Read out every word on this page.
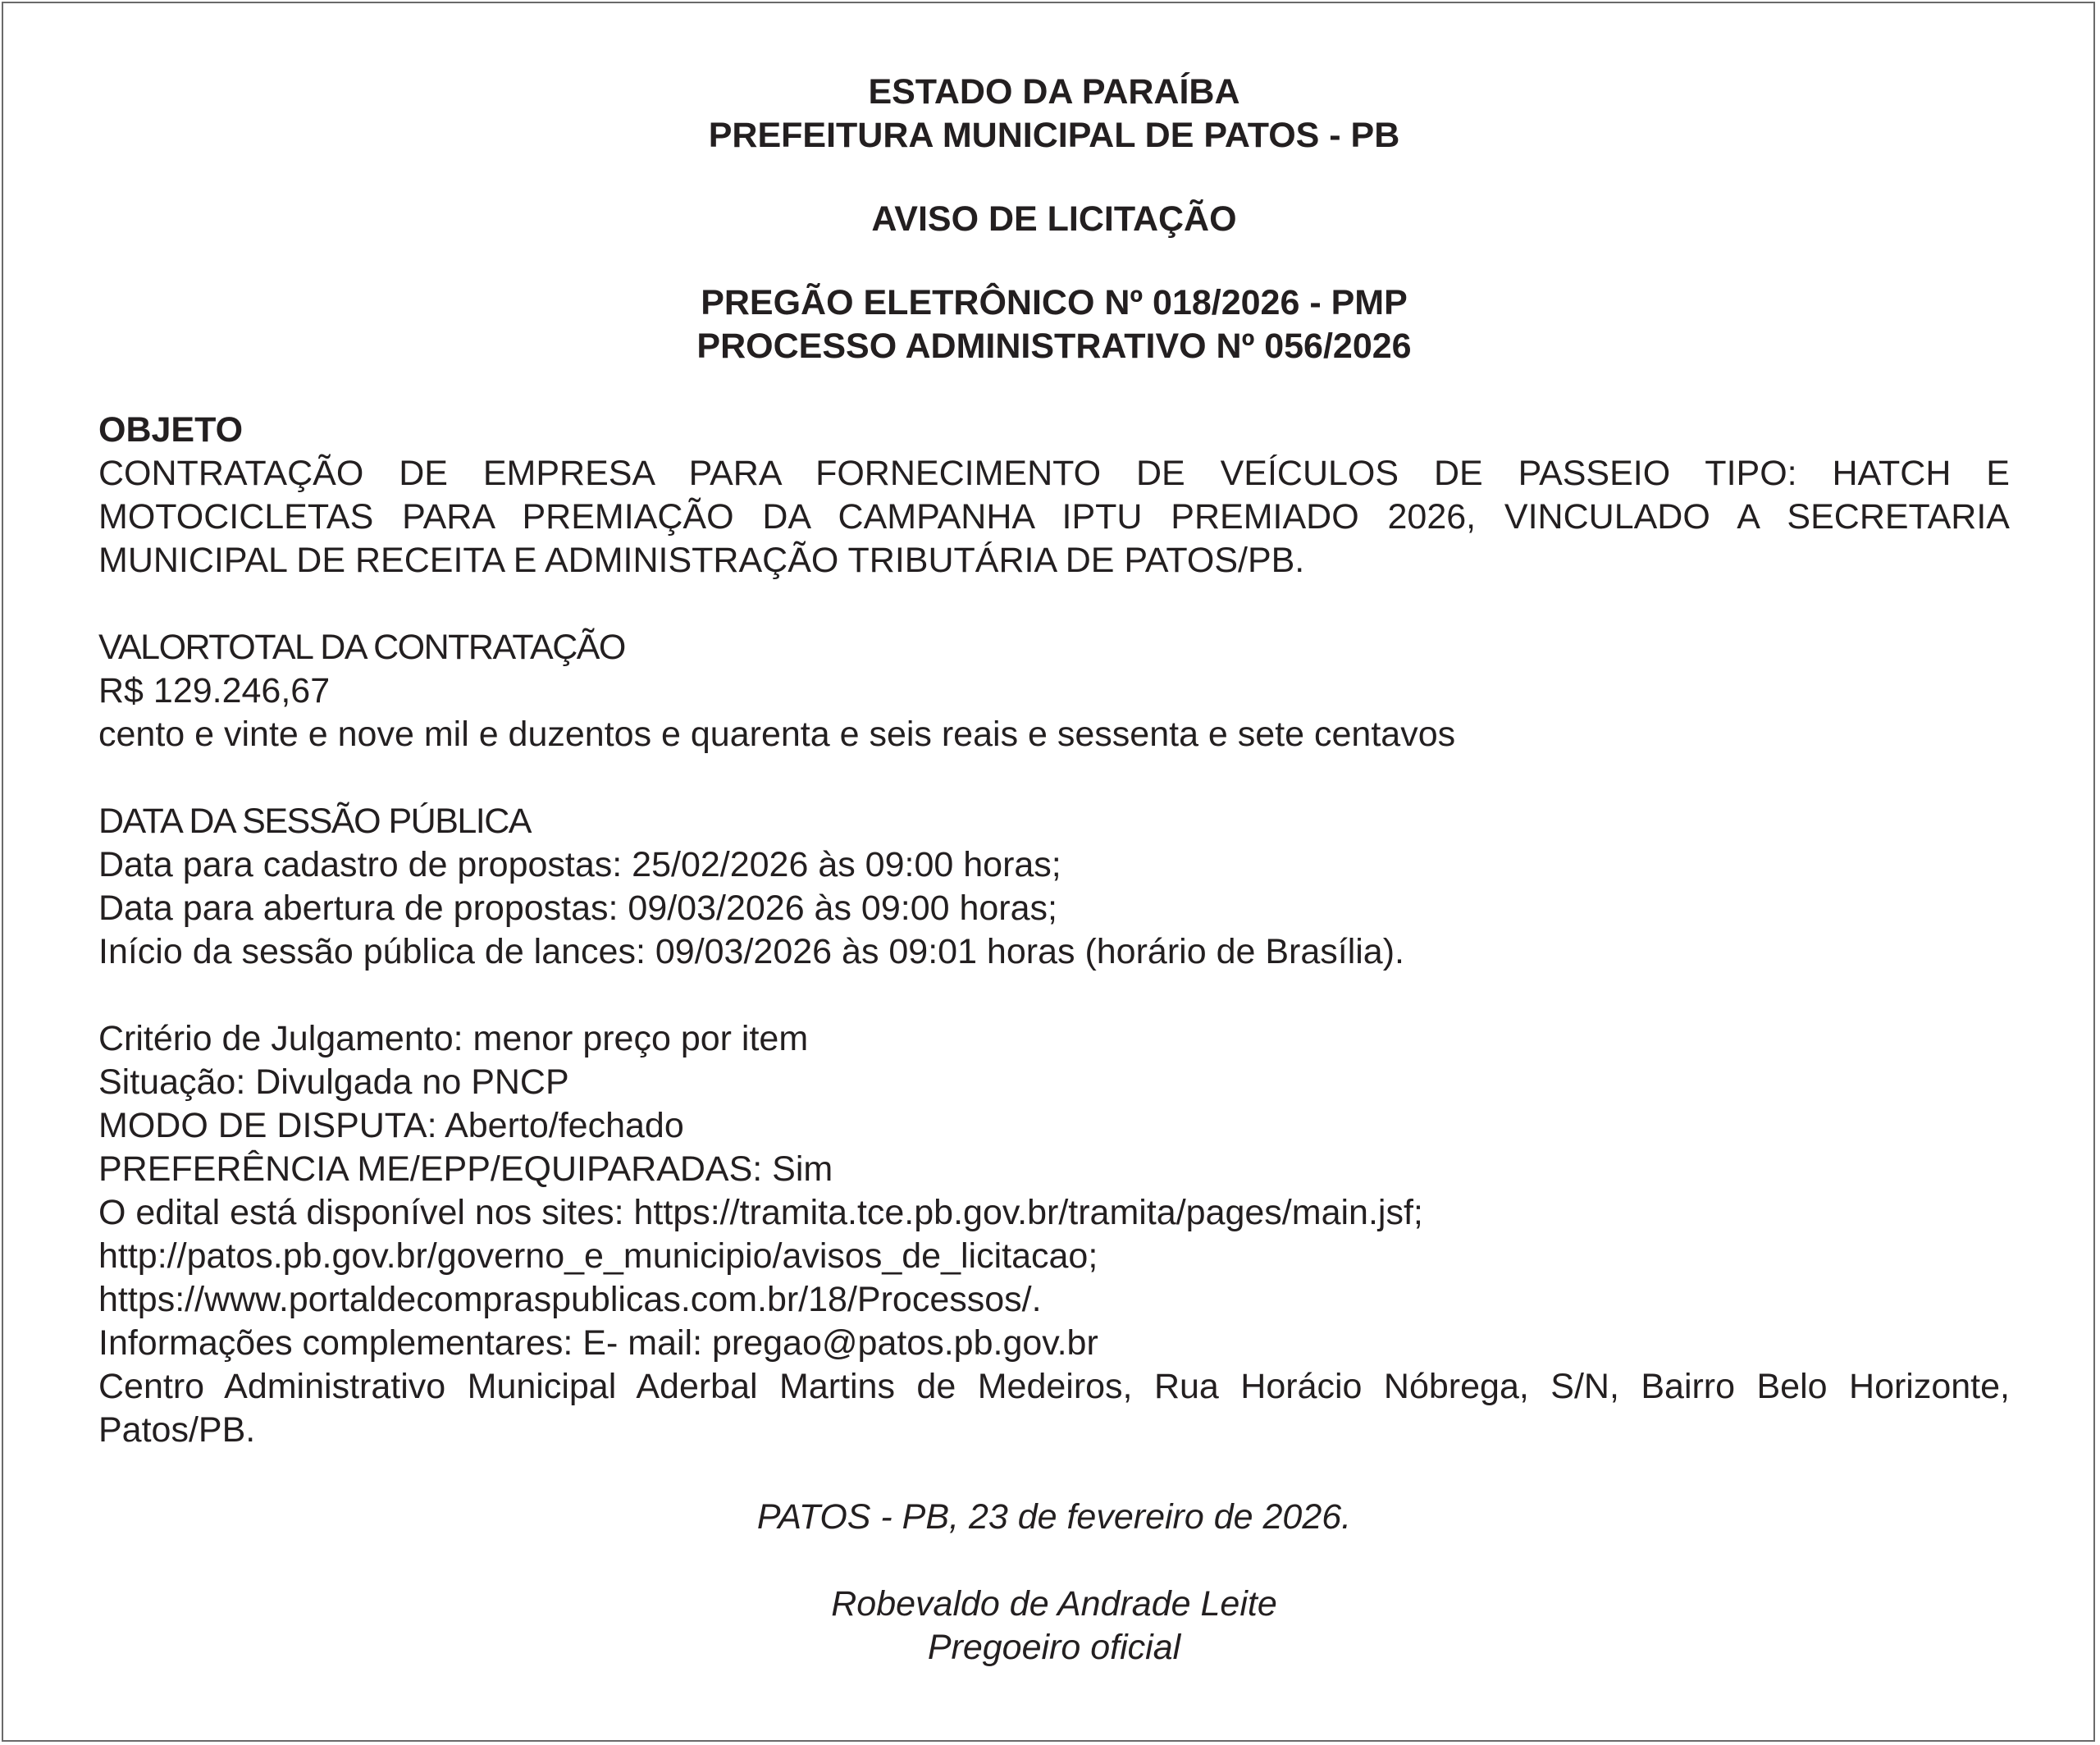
ESTADO DA PARAÍBA
PREFEITURA MUNICIPAL DE PATOS - PB
AVISO DE LICITAÇÃO
PREGÃO ELETRÔNICO Nº 018/2026 - PMP
PROCESSO ADMINISTRATIVO Nº 056/2026
OBJETO
CONTRATAÇÃO DE EMPRESA PARA FORNECIMENTO DE VEÍCULOS DE PASSEIO TIPO: HATCH E MOTOCICLETAS PARA PREMIAÇÃO DA CAMPANHA IPTU PREMIADO 2026, VINCULADO A SECRETARIA MUNICIPAL DE RECEITA E ADMINISTRAÇÃO TRIBUTÁRIA DE PATOS/PB.
VALORTOTAL DA CONTRATAÇÃO
R$ 129.246,67
cento e vinte e nove mil e duzentos e quarenta e seis reais e sessenta e sete centavos
DATA DA SESSÃO PÚBLICA
Data para cadastro de propostas: 25/02/2026 às 09:00 horas;
Data para abertura de propostas: 09/03/2026 às 09:00 horas;
Início da sessão pública de lances: 09/03/2026 às 09:01 horas (horário de Brasília).
Critério de Julgamento: menor preço por item
Situação: Divulgada no PNCP
MODO DE DISPUTA: Aberto/fechado
PREFERÊNCIA ME/EPP/EQUIPARADAS: Sim
O edital está disponível nos sites: https://tramita.tce.pb.gov.br/tramita/pages/main.jsf;
http://patos.pb.gov.br/governo_e_municipio/avisos_de_licitacao;
https://www.portaldecompraspublicas.com.br/18/Processos/.
Informações complementares: E- mail: pregao@patos.pb.gov.br
Centro Administrativo Municipal Aderbal Martins de Medeiros, Rua Horácio Nóbrega, S/N, Bairro Belo Horizonte, Patos/PB.
PATOS - PB, 23 de fevereiro de 2026.
Robevaldo de Andrade Leite
Pregoeiro oficial
